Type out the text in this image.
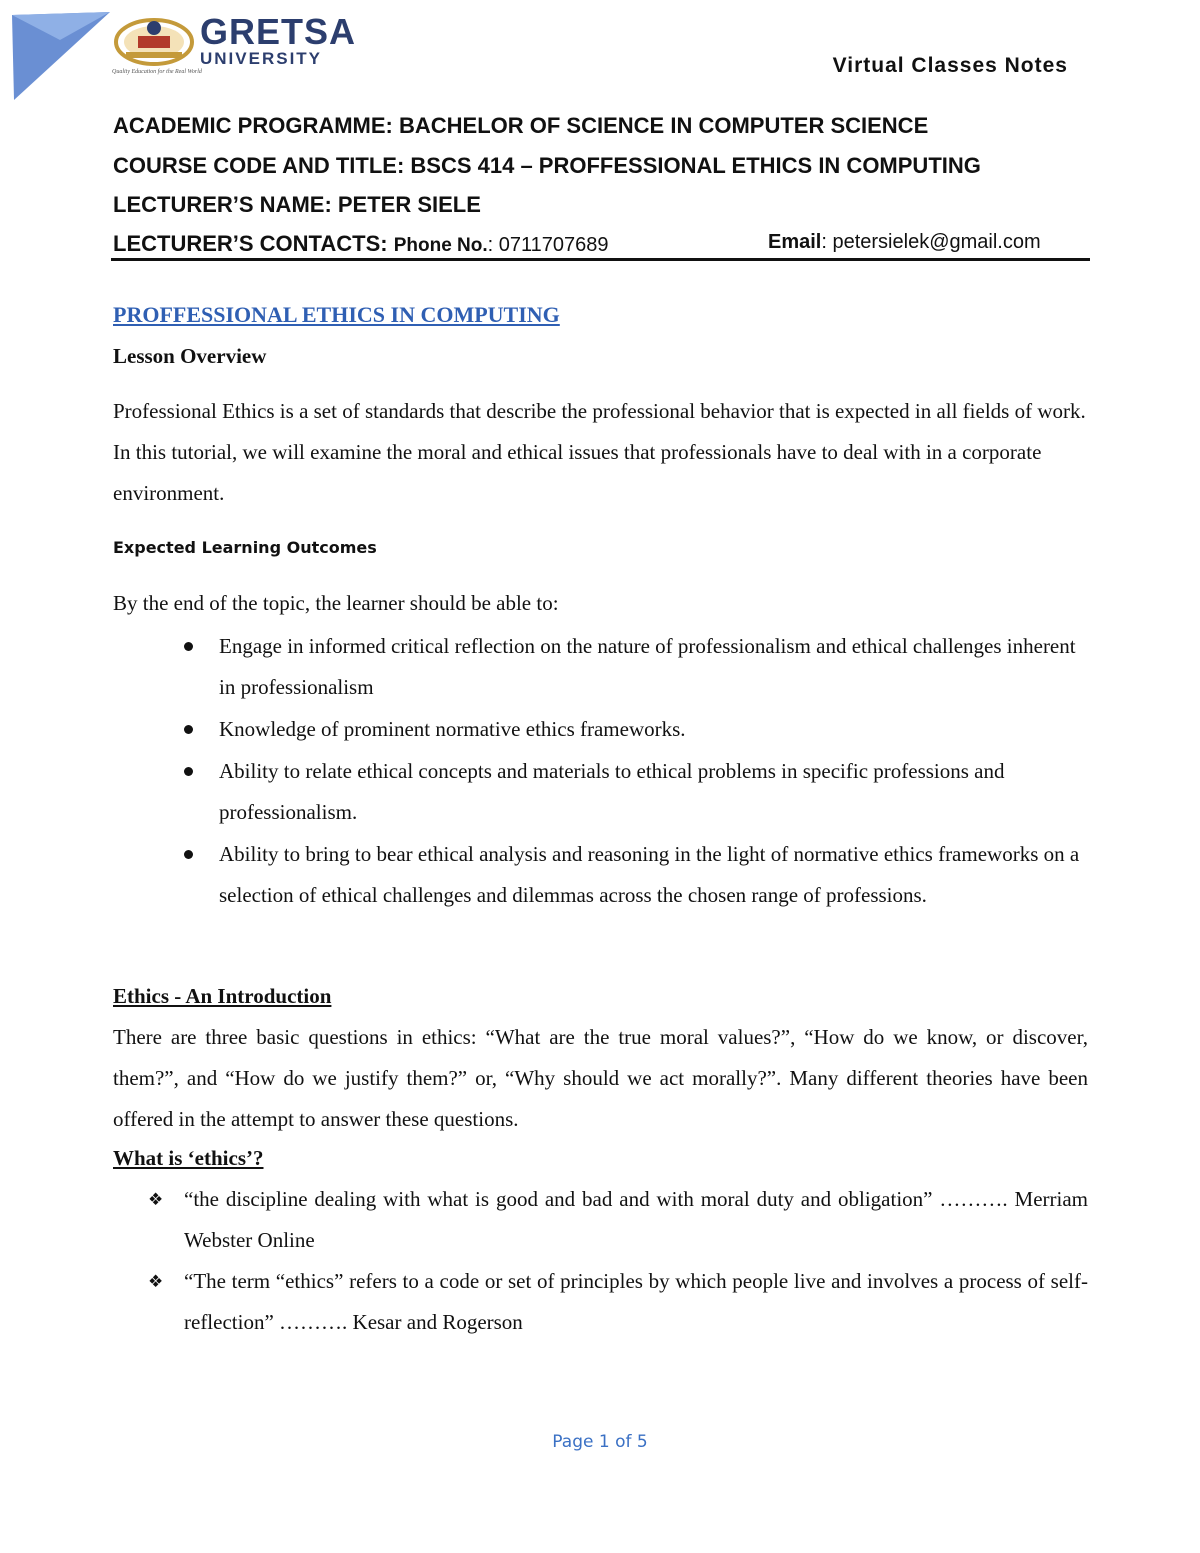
GRETSA
UNIVERSITY
Quality Education for the Real World	Virtual Classes Notes
ACADEMIC PROGRAMME: BACHELOR OF SCIENCE IN COMPUTER SCIENCE
COURSE CODE AND TITLE: BSCS 414 – PROFFESSIONAL ETHICS IN COMPUTING
LECTURER’S NAME: PETER SIELE
LECTURER’S CONTACTS: Phone No.: 0711707689	Email: petersielek@gmail.com
PROFFESSIONAL ETHICS IN COMPUTING
Lesson Overview
Professional Ethics is a set of standards that describe the professional behavior that is expected in all fields of work. In this tutorial, we will examine the moral and ethical issues that professionals have to deal with in a corporate environment.
Expected Learning Outcomes
By the end of the topic, the learner should be able to:
Engage in informed critical reflection on the nature of professionalism and ethical challenges inherent in professionalism
Knowledge of prominent normative ethics frameworks.
Ability to relate ethical concepts and materials to ethical problems in specific professions and professionalism.
Ability to bring to bear ethical analysis and reasoning in the light of normative ethics frameworks on a selection of ethical challenges and dilemmas across the chosen range of professions.
Ethics - An Introduction
There are three basic questions in ethics: “What are the true moral values?”, “How do we know, or discover, them?”, and “How do we justify them?” or, “Why should we act morally?”. Many different theories have been offered in the attempt to answer these questions.
What is ‘ethics’?
❖ “the discipline dealing with what is good and bad and with moral duty and obligation” ………. Merriam Webster Online
❖ “The term “ethics” refers to a code or set of principles by which people live and involves a process of self-reflection” ………. Kesar and Rogerson
Page 1 of 5
